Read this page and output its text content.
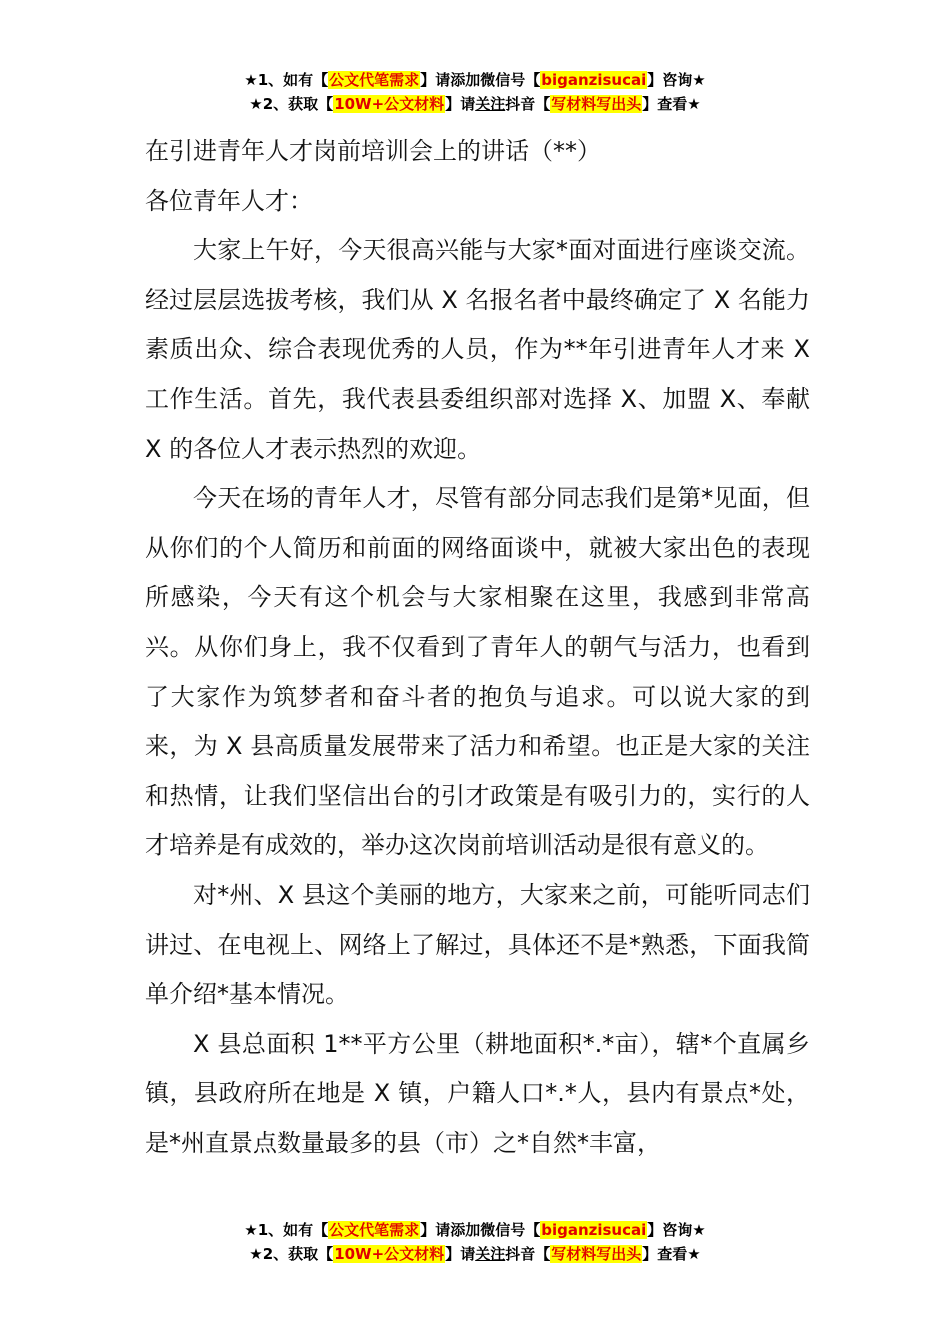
★1、如有【公文代笔需求】请添加微信号【biganzisucai】咨询★
★2、获取【10W+公文材料】请关注抖音【写材料写出头】查看★

在引进青年人才岗前培训会上的讲话（**）

各位青年人才：

大家上午好，今天很高兴能与大家*面对面进行座谈交流。经过层层选拔考核，我们从 X 名报名者中最终确定了 X 名能力素质出众、综合表现优秀的人员，作为**年引进青年人才来 X 工作生活。首先，我代表县委组织部对选择 X、加盟 X、奉献 X 的各位人才表示热烈的欢迎。

今天在场的青年人才，尽管有部分同志我们是第*见面，但从你们的个人简历和前面的网络面谈中，就被大家出色的表现所感染，今天有这个机会与大家相聚在这里，我感到非常高兴。从你们身上，我不仅看到了青年人的朝气与活力，也看到了大家作为筑梦者和奋斗者的抱负与追求。可以说大家的到来，为 X 县高质量发展带来了活力和希望。也正是大家的关注和热情，让我们坚信出台的引才政策是有吸引力的，实行的人才培养是有成效的，举办这次岗前培训活动是很有意义的。

对*州、X 县这个美丽的地方，大家来之前，可能听同志们讲过、在电视上、网络上了解过，具体还不是*熟悉，下面我简单介绍*基本情况。

X 县总面积 1**平方公里（耕地面积*.*亩），辖*个直属乡镇，县政府所在地是 X 镇，户籍人口*.*人，县内有景点*处，是*州直景点数量最多的县（市）之*自然*丰富，

★1、如有【公文代笔需求】请添加微信号【biganzisucai】咨询★
★2、获取【10W+公文材料】请关注抖音【写材料写出头】查看★
